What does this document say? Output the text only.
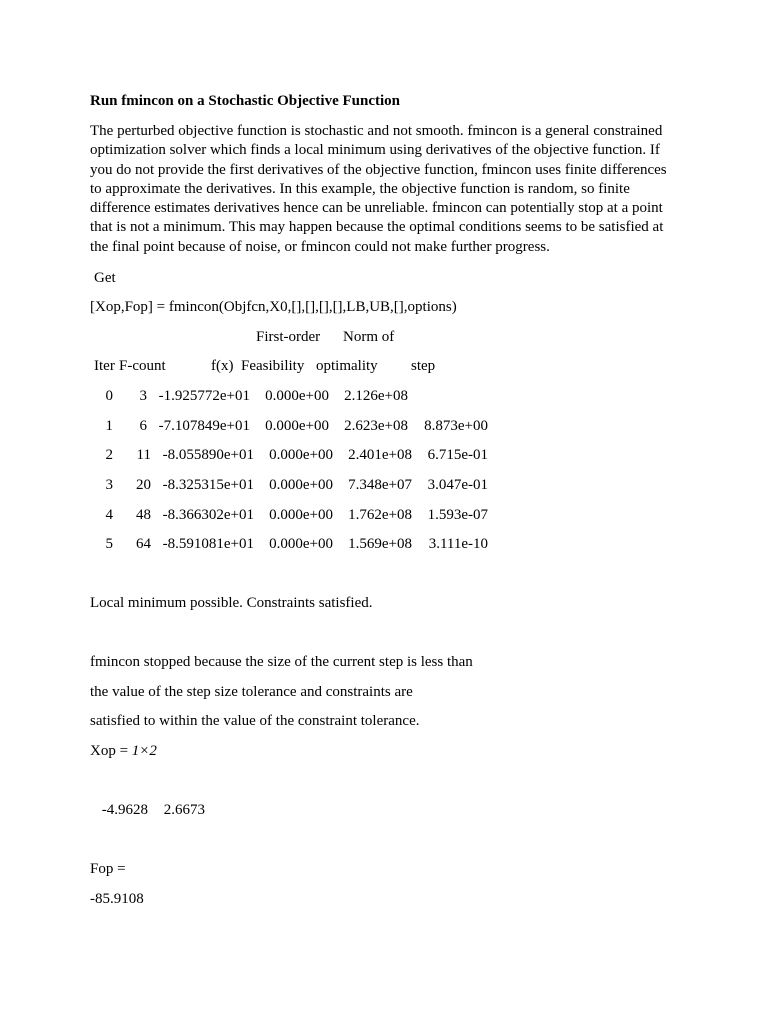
Run fmincon on a Stochastic Objective Function
The perturbed objective function is stochastic and not smooth. fmincon is a general constrained optimization solver which finds a local minimum using derivatives of the objective function. If you do not provide the first derivatives of the objective function, fmincon uses finite differences to approximate the derivatives. In this example, the objective function is random, so finite difference estimates derivatives hence can be unreliable. fmincon can potentially stop at a point that is not a minimum. This may happen because the optimal conditions seems to be satisfied at the final point because of noise, or fmincon could not make further progress.
Get
[Xop,Fop] = fmincon(Objfcn,X0,[],[],[],[],LB,UB,[],options)
First-order Norm of
Iter F-count	f(x) Feasibility optimality step
0	3 -1.925772e+01	0.000e+00	2.126e+08
1	6 -7.107849e+01	0.000e+00	2.623e+08	8.873e+00
2	11 -8.055890e+01	0.000e+00	2.401e+08	6.715e-01
3	20 -8.325315e+01	0.000e+00	7.348e+07	3.047e-01
4	48 -8.366302e+01	0.000e+00	1.762e+08	1.593e-07
5	64 -8.591081e+01	0.000e+00	1.569e+08	3.111e-10
Local minimum possible. Constraints satisfied.
fmincon stopped because the size of the current step is less than
the value of the step size tolerance and constraints are
satisfied to within the value of the constraint tolerance.
Xop = 1×2
-4.9628	2.6673
Fop =
-85.9108
